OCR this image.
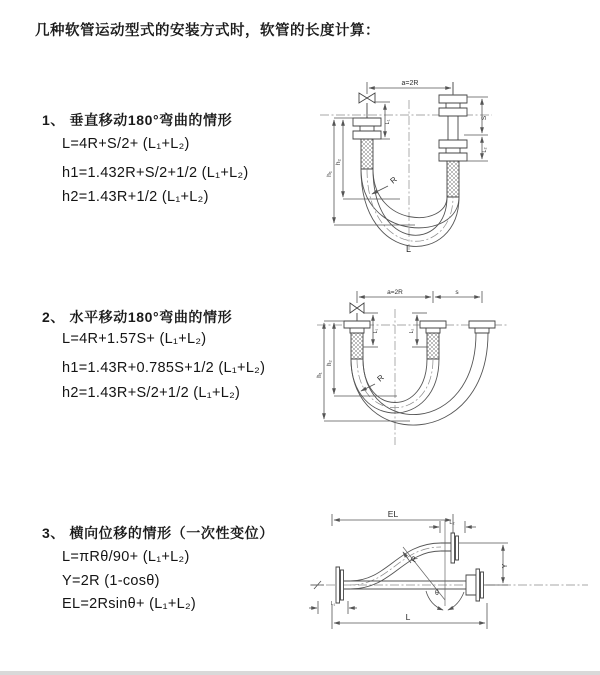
几种软管运动型式的安装方式时，软管的长度计算：
1、 垂直移动180°弯曲的情形
L=4R+S/2+ (L₁+L₂)
h1=1.432R+S/2+1/2 (L₁+L₂)
h2=1.43R+1/2 (L₁+L₂)
2、 水平移动180°弯曲的情形
L=4R+1.57S+ (L₁+L₂)
h1=1.43R+0.785S+1/2 (L₁+L₂)
h2=1.43R+S/2+1/2 (L₁+L₂)
3、 横向位移的情形（一次性变位）
L=πRθ/90+ (L₁+L₂)
Y=2R (1-cosθ)
EL=2Rsinθ+ (L₁+L₂)
a=2R
h₁
h₂
L₁
S
L₂
R
L
a=2R	s
h₁
h₂
L₁	L₂
R
EL
L₂
Y
θ
R
L₁
L
